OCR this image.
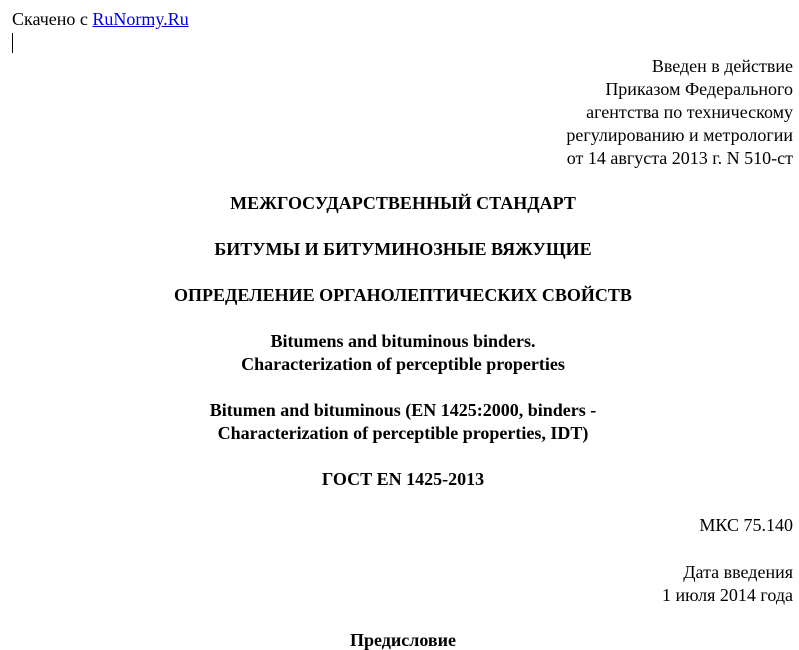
Скачено с RuNormy.Ru
Введен в действие
Приказом Федерального
агентства по техническому
регулированию и метрологии
от 14 августа 2013 г. N 510-ст
МЕЖГОСУДАРСТВЕННЫЙ СТАНДАРТ
БИТУМЫ И БИТУМИНОЗНЫЕ ВЯЖУЩИЕ
ОПРЕДЕЛЕНИЕ ОРГАНОЛЕПТИЧЕСКИХ СВОЙСТВ
Bitumens and bituminous binders.
Characterization of perceptible properties
Bitumen and bituminous (EN 1425:2000, binders -
Characterization of perceptible properties, IDT)
ГОСТ EN 1425-2013
МКС 75.140
Дата введения
1 июля 2014 года
Предисловие
